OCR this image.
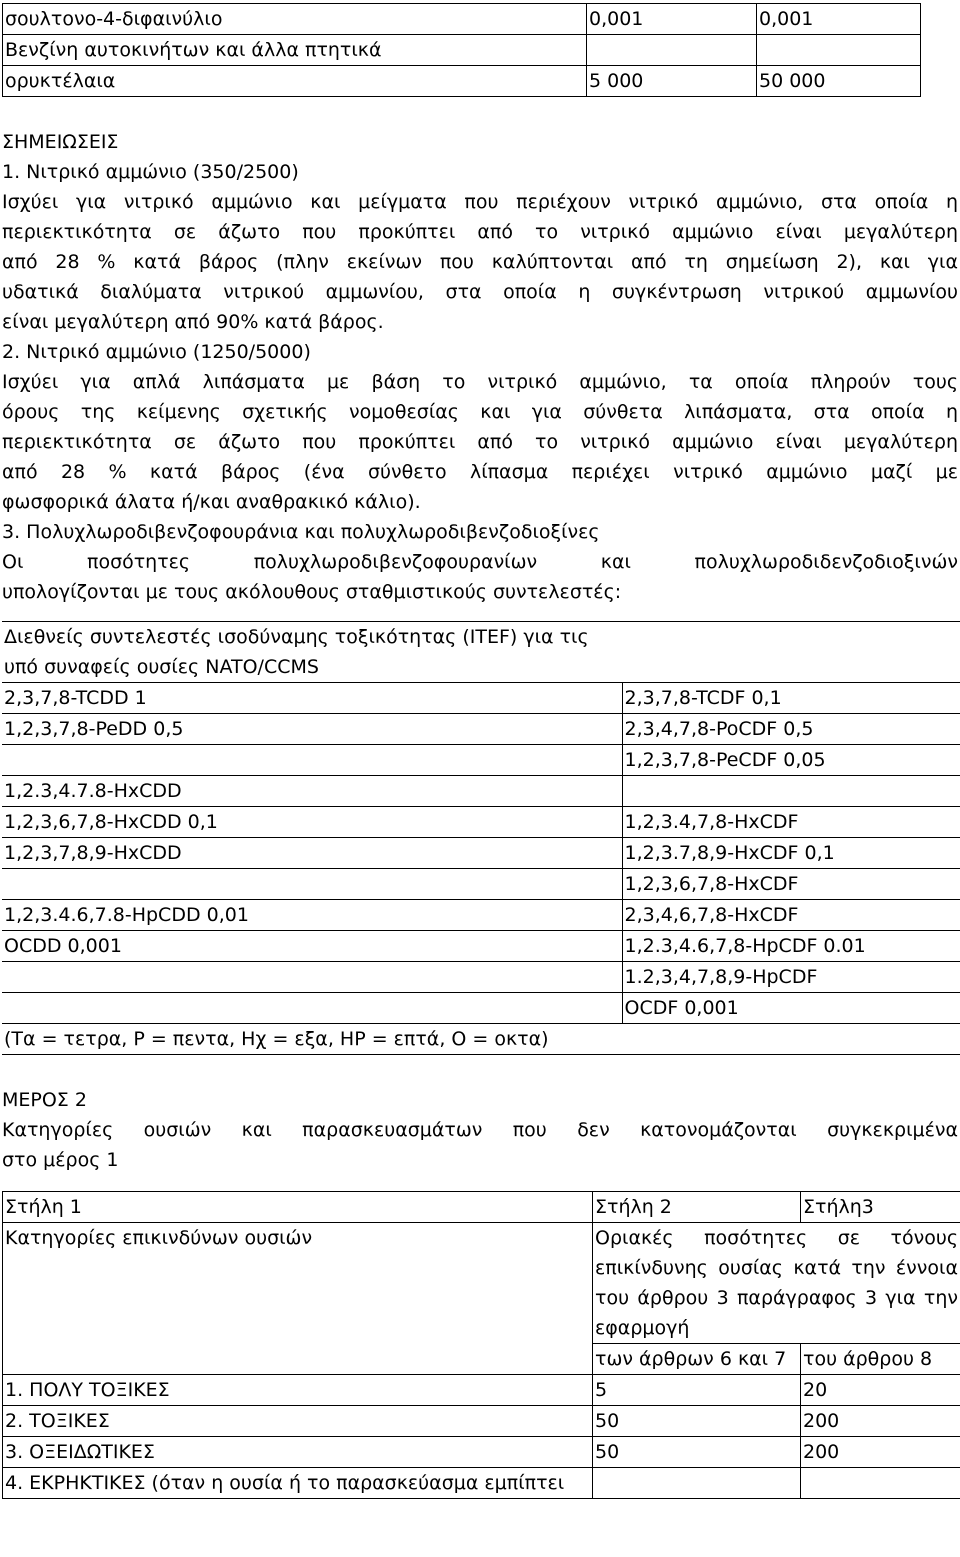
σουλτονο-4-διφαινύλιο	0,001	0,001
Βενζίνη αυτοκινήτων και άλλα πτητικά		
ορυκτέλαια	5 000	50 000
ΣΗΜΕΙΩΣΕΙΣ
1. Νιτρικό αμμώνιο (350/2500)
Ισχύει για νιτρικό αμμώνιο και μείγματα που περιέχουν νιτρικό αμμώνιο, στα οποία η
περιεκτικότητα σε άζωτο που προκύπτει από το νιτρικό αμμώνιο είναι μεγαλύτερη
από 28 % κατά βάρος (πλην εκείνων που καλύπτονται από τη σημείωση 2), και για
υδατικά διαλύματα νιτρικού αμμωνίου, στα οποία η συγκέντρωση νιτρικού αμμωνίου
είναι μεγαλύτερη από 90% κατά βάρος.
2. Νιτρικό αμμώνιο (1250/5000)
Ισχύει για απλά λιπάσματα με βάση το νιτρικό αμμώνιο, τα οποία πληρούν τους
όρους της κείμενης σχετικής νομοθεσίας και για σύνθετα λιπάσματα, στα οποία η
περιεκτικότητα σε άζωτο που προκύπτει από το νιτρικό αμμώνιο είναι μεγαλύτερη
από 28 % κατά βάρος (ένα σύνθετο λίπασμα περιέχει νιτρικό αμμώνιο μαζί με
φωσφορικά άλατα ή/και αναθρακικό κάλιο).
3. Πολυχλωροδιβενζοφουράνια και πολυχλωροδιβενζοδιοξίνες
Οι ποσότητες πολυχλωροδιβενζοφουρανίων και πολυχλωροδιδενζοδιοξινών
υπολογίζονται με τους ακόλουθους σταθμιστικούς συντελεστές:
Διεθνείς συντελεστές ισοδύναμης τοξικότητας (ITEF) για τις
υπό συναφείς ουσίες NATO/CCMS	

2,3,7,8-TCDD 1	2,3,7,8-TCDF 0,1
1,2,3,7,8-PeDD 0,5	2,3,4,7,8-PoCDF 0,5
	1,2,3,7,8-PeCDF 0,05
1,2.3,4.7.8-HxCDD	
1,2,3,6,7,8-HxCDD 0,1	1,2,3.4,7,8-HxCDF
1,2,3,7,8,9-HxCDD	1,2,3.7,8,9-HxCDF 0,1
	1,2,3,6,7,8-HxCDF
1,2,3.4.6,7.8-HpCDD 0,01	2,3,4,6,7,8-HxCDF
OCDD 0,001	1,2.3,4.6,7,8-HpCDF 0.01
	1.2,3,4,7,8,9-HpCDF
	OCDF 0,001
(Τα = τετρα, Ρ = πεντα, Ηχ = εξα, ΗΡ = επτά, Ο = οκτα)	
ΜΕΡΟΣ 2
Κατηγορίες ουσιών και παρασκευασμάτων που δεν κατονομάζονται συγκεκριμένα
στο μέρος 1
Στήλη 1	Στήλη 2	Στήλη3
Κατηγορίες επικινδύνων ουσιών	Οριακές ποσότητες σε τόνους επικίνδυνης ουσίας κατά την έννοια του άρθρου 3 παράγραφος 3 για την εφαρμογή	
	των άρθρων 6 και 7	του άρθρου 8
1. ΠΟΛΥ ΤΟΞΙΚΕΣ	5	20
2. ΤΟΞΙΚΕΣ	50	200
3. ΟΞΕΙΔΩΤΙΚΕΣ	50	200
4. ΕΚΡΗΚΤΙΚΕΣ (όταν η ουσία ή το παρασκεύασμα εμπίπτει		
